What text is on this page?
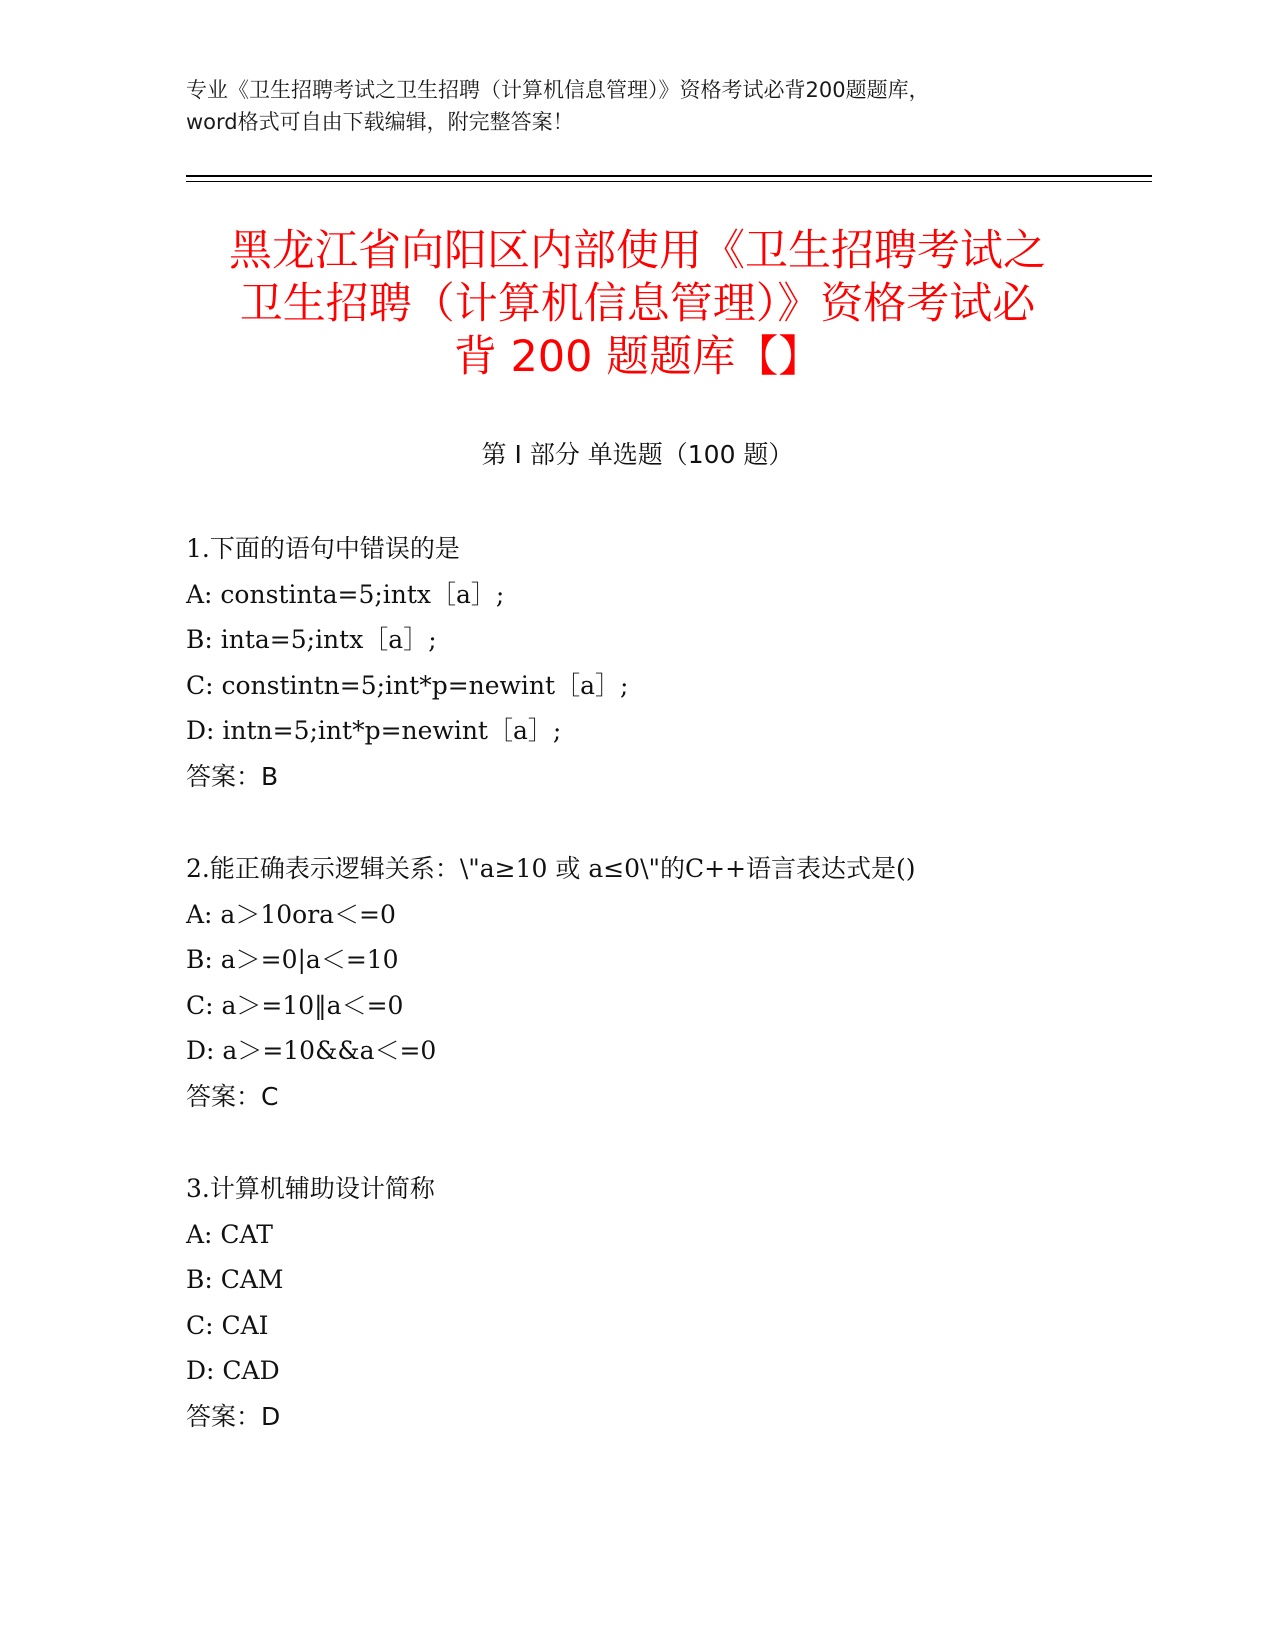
专业《卫生招聘考试之卫生招聘（计算机信息管理）》资格考试必背200题题库，
word格式可自由下载编辑，附完整答案！
黑龙江省向阳区内部使用《卫生招聘考试之
卫生招聘（计算机信息管理）》资格考试必
背 200 题题库【】
第 I 部分 单选题（100 题）
1.下面的语句中错误的是
A: constinta=5;intx［a］;
B: inta=5;intx［a］;
C: constintn=5;int*p=newint［a］;
D: intn=5;int*p=newint［a］;
答案：B
2.能正确表示逻辑关系：\"a≥10 或 a≤0\"的C++语言表达式是()
A: a＞10ora＜=0
B: a＞=0|a＜=10
C: a＞=10‖a＜=0
D: a＞=10&&a＜=0
答案：C
3.计算机辅助设计简称
A: CAT
B: CAM
C: CAI
D: CAD
答案：D
